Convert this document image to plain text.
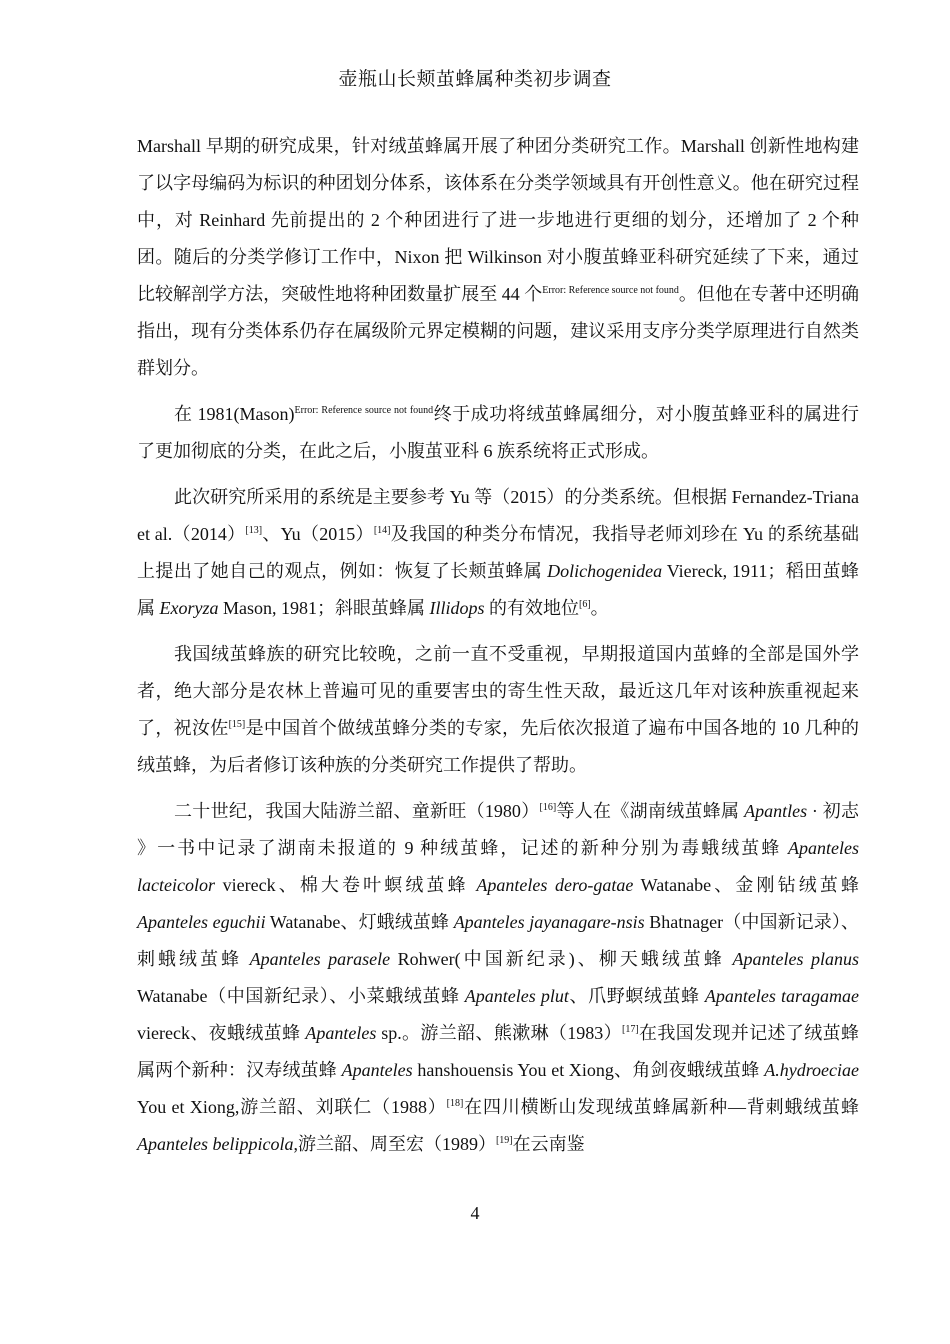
壶瓶山长颊茧蜂属种类初步调查

Marshall 早期的研究成果，针对绒茧蜂属开展了种团分类研究工作。Marshall 创新性地构建了以字母编码为标识的种团划分体系，该体系在分类学领域具有开创性意义。他在研究过程中，对 Reinhard 先前提出的 2 个种团进行了进一步地进行更细的划分，还增加了 2 个种团。随后的分类学修订工作中，Nixon 把 Wilkinson 对小腹茧蜂亚科研究延续了下来，通过比较解剖学方法，突破性地将种团数量扩展至 44 个$^{Error: Reference source not found}$。但他在专著中还明确指出，现有分类体系仍存在属级阶元界定模糊的问题，建议采用支序分类学原理进行自然类群划分。

在 1981(Mason)$^{Error: Reference source not found}$终于成功将绒茧蜂属细分，对小腹茧蜂亚科的属进行了更加彻底的分类，在此之后，小腹茧亚科 6 族系统将正式形成。

此次研究所采用的系统是主要参考 Yu 等（2015）的分类系统。但根据 Fernandez-Triana et al.（2014）[13]、Yu（2015）[14]及我国的种类分布情况，我指导老师刘珍在 Yu 的系统基础上提出了她自己的观点，例如：恢复了长颊茧蜂属 Dolichogenidea Viereck, 1911；稻田茧蜂属 Exoryza Mason, 1981；斜眼茧蜂属 Illidops 的有效地位[6]。

我国绒茧蜂族的研究比较晚，之前一直不受重视，早期报道国内茧蜂的全部是国外学者，绝大部分是农林上普遍可见的重要害虫的寄生性天敌，最近这几年对该种族重视起来了，祝汝佐[15]是中国首个做绒茧蜂分类的专家，先后依次报道了遍布中国各地的 10 几种的绒茧蜂，为后者修订该种族的分类研究工作提供了帮助。

二十世纪，我国大陆游兰韶、童新旺（1980）[16]等人在《湖南绒茧蜂属 Apantles · 初志 》一书中记录了湖南未报道的 9 种绒茧蜂，记述的新种分别为毒蛾绒茧蜂 Apanteles lacteicolor viereck、棉大卷叶螟绒茧蜂 Apanteles dero-gatae Watanabe、金刚钻绒茧蜂 Apanteles eguchii Watanabe、灯蛾绒茧蜂 Apanteles jayanagare-nsis Bhatnager（中国新记录）、刺蛾绒茧蜂 Apanteles parasele Rohwer(中国新纪录)、柳天蛾绒茧蜂 Apanteles planus Watanabe（中国新纪录）、小菜蛾绒茧蜂 Apanteles plut、爪野螟绒茧蜂 Apanteles taragamae viereck、夜蛾绒茧蜂 Apanteles sp.。游兰韶、熊漱琳（1983）[17]在我国发现并记述了绒茧蜂属两个新种：汉寿绒茧蜂 Apanteles hanshouensis You et Xiong、角剑夜蛾绒茧蜂 A.hydroeciae You et Xiong,游兰韶、刘联仁（1988）[18]在四川横断山发现绒茧蜂属新种—背刺蛾绒茧蜂 Apanteles belippicola,游兰韶、周至宏（1989）[19]在云南鉴

4
